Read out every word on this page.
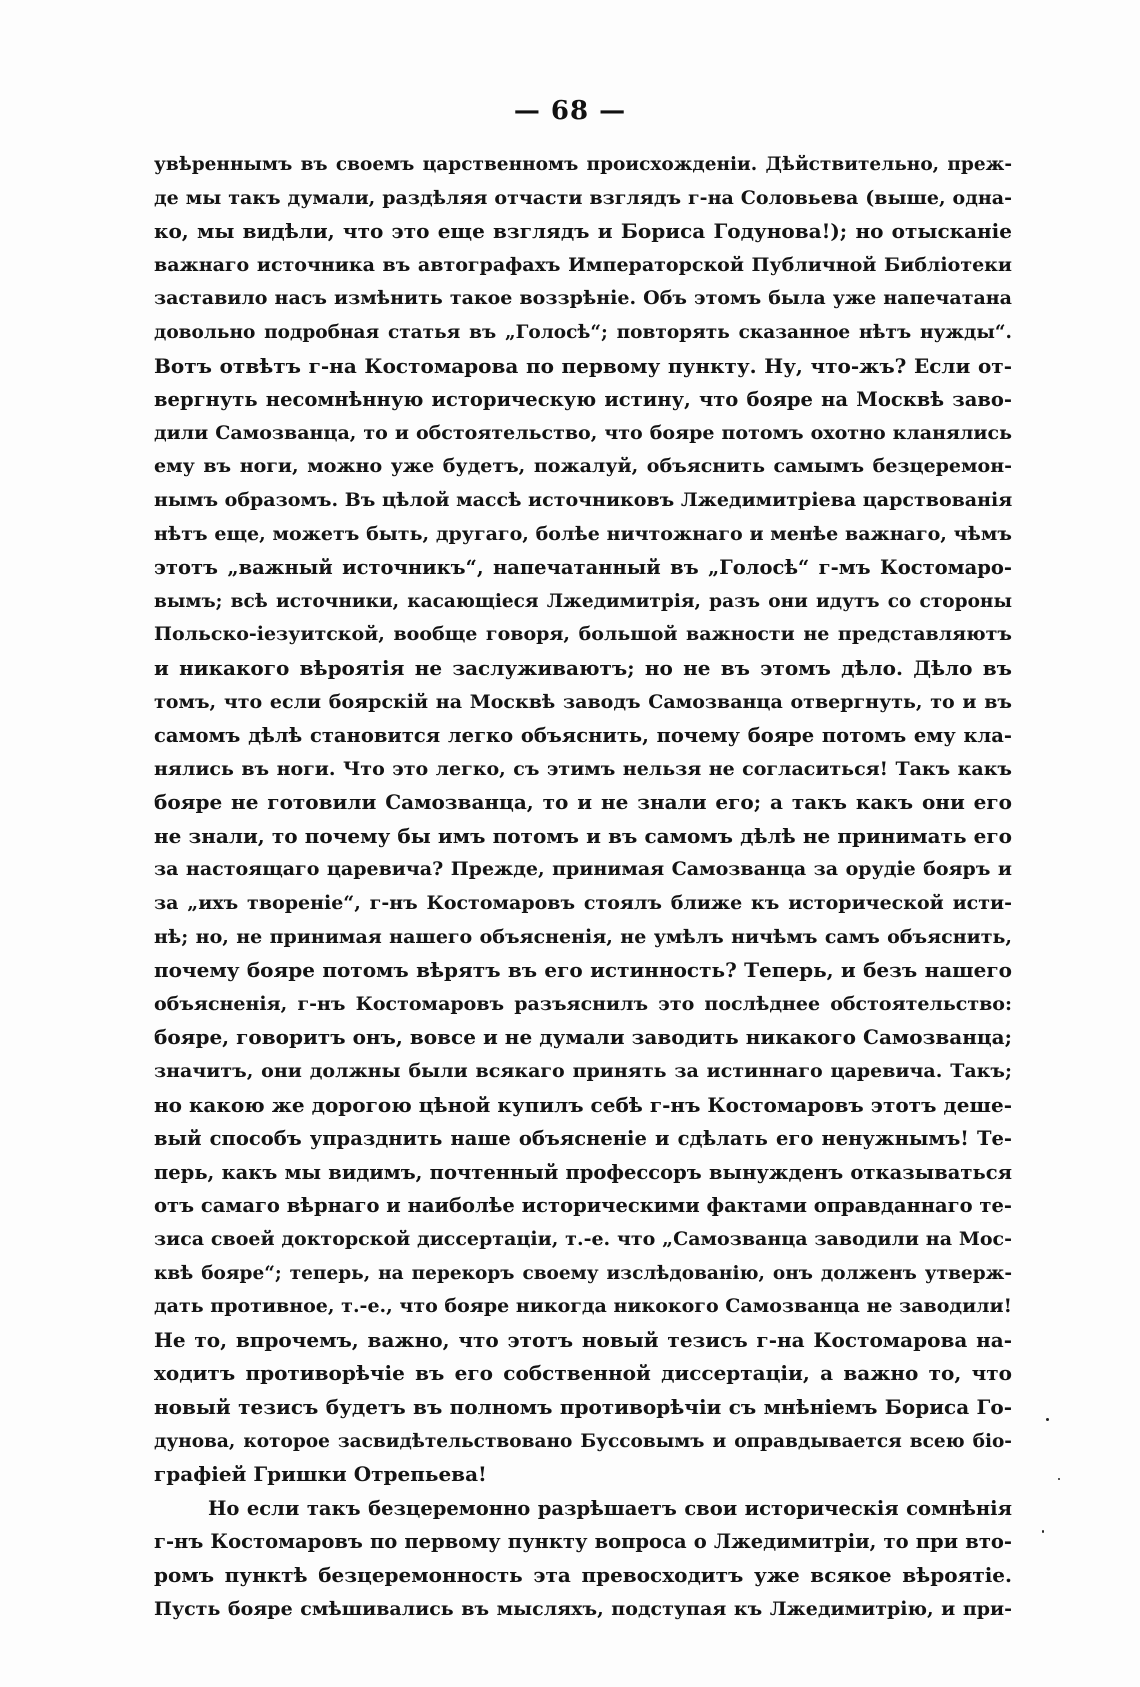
— 68 —
увѣреннымъ въ своемъ царственномъ происхожденіи. Дѣйствительно, преж-
де мы такъ думали, раздѣляя отчасти взглядъ г-на Соловьева (выше, одна-
ко, мы видѣли, что это еще взглядъ и Бориса Годунова!); но отысканіе
важнаго источника въ автографахъ Императорской Публичной Библіотеки
заставило насъ измѣнить такое воззрѣніе. Объ этомъ была уже напечатана
довольно подробная статья въ „Голосѣ“; повторять сказанное нѣтъ нужды“.
Вотъ отвѣтъ г-на Костомарова по первому пункту. Ну, что-жъ? Если от-
вергнуть несомнѣнную историческую истину, что бояре на Москвѣ заво-
дили Самозванца, то и обстоятельство, что бояре потомъ охотно кланялись
ему въ ноги, можно уже будетъ, пожалуй, объяснить самымъ безцеремон-
нымъ образомъ. Въ цѣлой массѣ источниковъ Лжедимитріева царствованія
нѣтъ еще, можетъ быть, другаго, болѣе ничтожнаго и менѣе важнаго, чѣмъ
этотъ „важный источникъ“, напечатанный въ „Голосѣ“ г-мъ Костомаро-
вымъ; всѣ источники, касающіеся Лжедимитрія, разъ они идутъ со стороны
Польско-іезуитской, вообще говоря, большой важности не представляютъ
и никакого вѣроятія не заслуживаютъ; но не въ этомъ дѣло. Дѣло въ
томъ, что если боярскій на Москвѣ заводъ Самозванца отвергнуть, то и въ
самомъ дѣлѣ становится легко объяснить, почему бояре потомъ ему кла-
нялись въ ноги. Что это легко, съ этимъ нельзя не согласиться! Такъ какъ
бояре не готовили Самозванца, то и не знали его; а такъ какъ они его
не знали, то почему бы имъ потомъ и въ самомъ дѣлѣ не принимать его
за настоящаго царевича? Прежде, принимая Самозванца за орудіе бояръ и
за „ихъ твореніе“, г-нъ Костомаровъ стоялъ ближе къ исторической исти-
нѣ; но, не принимая нашего объясненія, не умѣлъ ничѣмъ самъ объяснить,
почему бояре потомъ вѣрятъ въ его истинность? Теперь, и безъ нашего
объясненія, г-нъ Костомаровъ разъяснилъ это послѣднее обстоятельство:
бояре, говоритъ онъ, вовсе и не думали заводить никакого Самозванца;
значитъ, они должны были всякаго принять за истиннаго царевича. Такъ;
но какою же дорогою цѣной купилъ себѣ г-нъ Костомаровъ этотъ деше-
вый способъ упразднить наше объясненіе и сдѣлать его ненужнымъ! Те-
перь, какъ мы видимъ, почтенный профессоръ вынужденъ отказываться
отъ самаго вѣрнаго и наиболѣе историческими фактами оправданнаго те-
зиса своей докторской диссертаціи, т.-е. что „Самозванца заводили на Мос-
квѣ бояре“; теперь, на перекоръ своему изслѣдованію, онъ долженъ утверж-
дать противное, т.-е., что бояре никогда никокого Самозванца не заводили!
Не то, впрочемъ, важно, что этотъ новый тезисъ г-на Костомарова на-
ходитъ противорѣчіе въ его собственной диссертаціи, а важно то, что
новый тезисъ будетъ въ полномъ противорѣчіи съ мнѣніемъ Бориса Го-
дунова, которое засвидѣтельствовано Буссовымъ и оправдывается всею біо-
графіей Гришки Отрепьева!
Но если такъ безцеремонно разрѣшаетъ свои историческія сомнѣнія
г-нъ Костомаровъ по первому пункту вопроса о Лжедимитріи, то при вто-
ромъ пунктѣ безцеремонность эта превосходитъ уже всякое вѣроятіе.
Пусть бояре смѣшивались въ мысляхъ, подступая къ Лжедимитрію, и при-
